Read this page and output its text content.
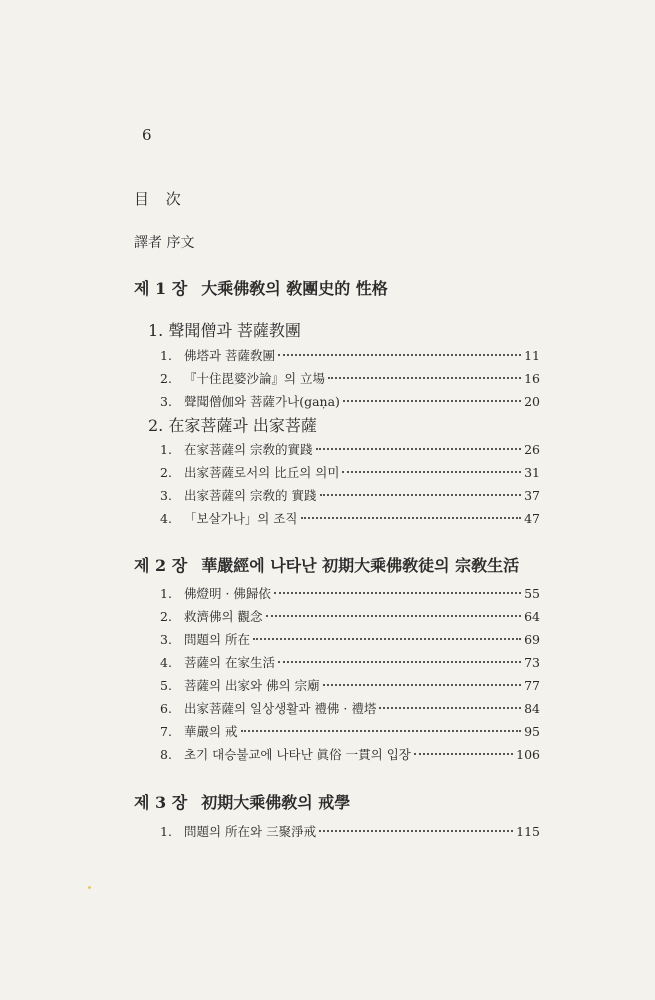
6
目 次
譯者 序文
제 1 장 大乘佛敎의 敎團史的 性格
1. 聲聞僧과 菩薩教團
1. 佛塔과 菩薩敎團	11
2. 『十住毘婆沙論』의 立場	16
3. 聲聞僧伽와 菩薩가나(gaṇa)	20
2. 在家菩薩과 出家菩薩
1. 在家菩薩의 宗敎的實踐	26
2. 出家菩薩로서의 比丘의 의미	31
3. 出家菩薩의 宗敎的 實踐	37
4. 「보살가나」의 조직	47
제 2 장 華嚴經에 나타난 初期大乘佛敎徒의 宗敎生活
1. 佛燈明 · 佛歸依	55
2. 救濟佛의 觀念	64
3. 問題의 所在	69
4. 菩薩의 在家生活	73
5. 菩薩의 出家와 佛의 宗廟	77
6. 出家菩薩의 일상생활과 禮佛 · 禮塔	84
7. 華嚴의 戒	95
8. 초기 대승불교에 나타난 眞俗 一貫의 입장	106
제 3 장 初期大乘佛敎의 戒學
1. 問題의 所在와 三聚淨戒	115
